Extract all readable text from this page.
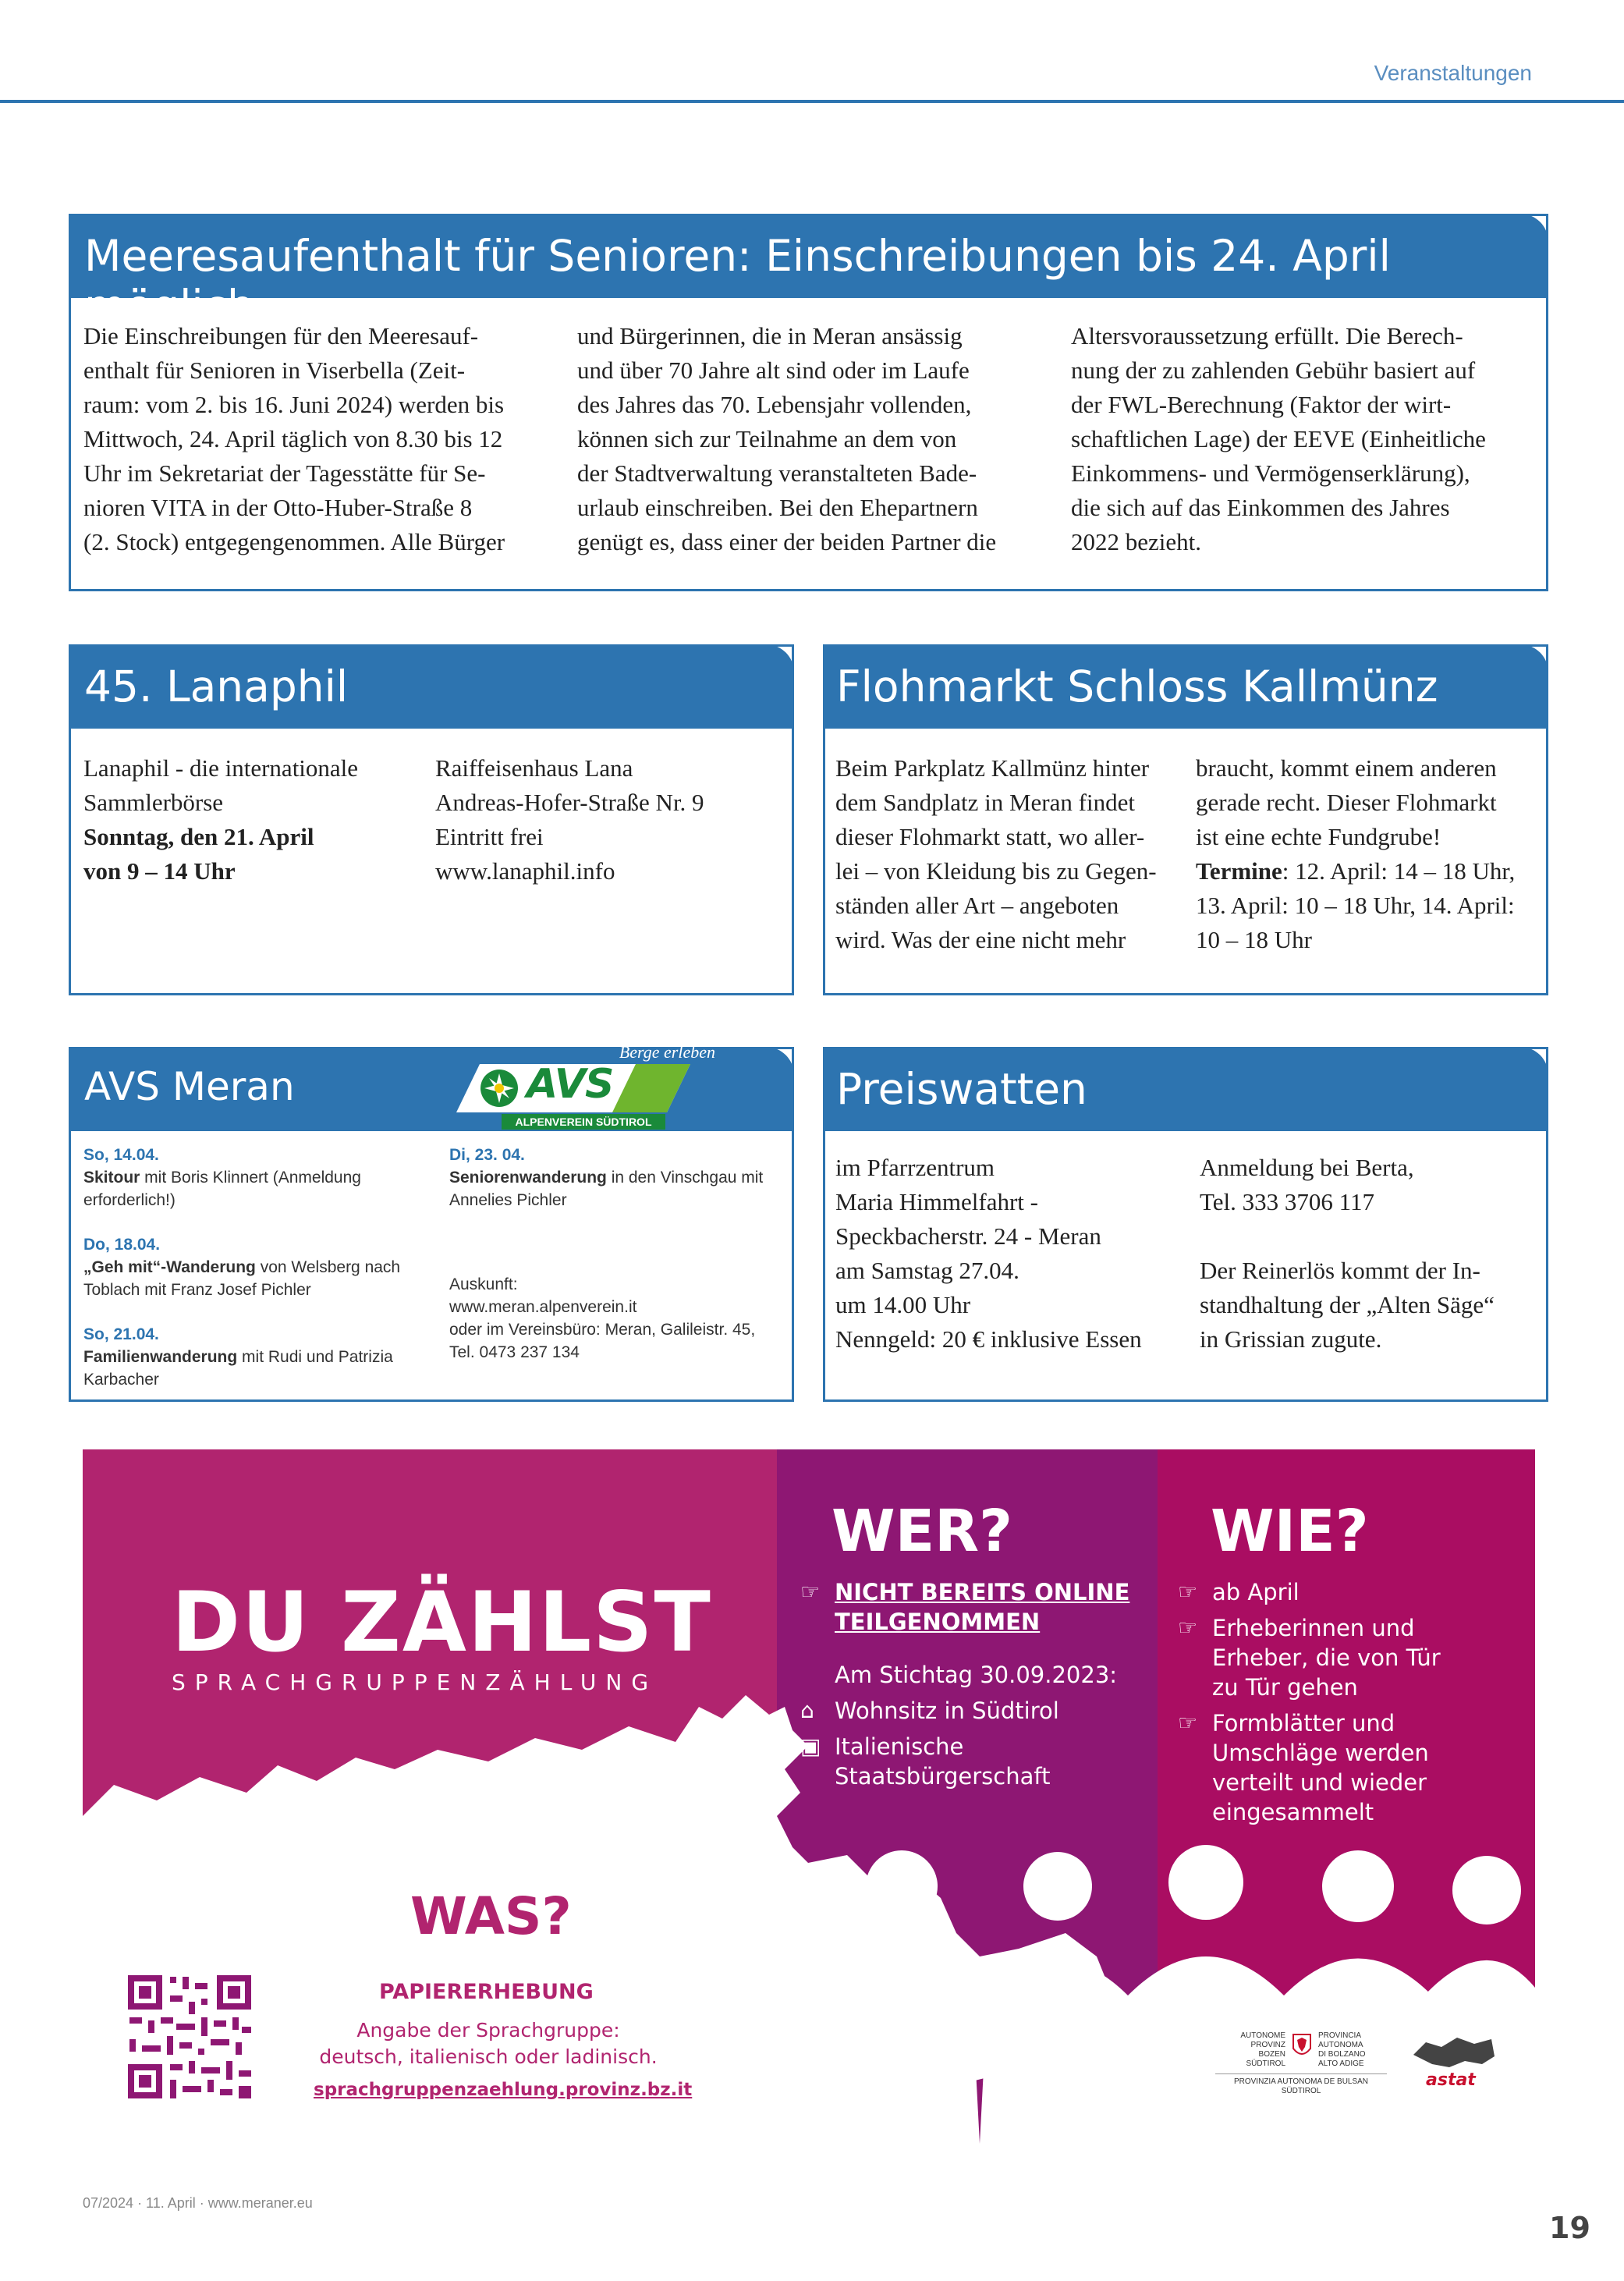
Veranstaltungen
Meeresaufenthalt für Senioren: Einschreibungen bis 24. April möglich

Die Einschreibungen für den Meeresauf-

enthalt für Senioren in Viserbella (Zeit-

raum: vom 2. bis 16. Juni 2024) werden bis

Mittwoch, 24. April täglich von 8.30 bis 12

Uhr im Sekretariat der Tagesstätte für Se-

nioren VITA in der Otto-Huber-Straße 8

(2. Stock) entgegengenommen. Alle Bürger

und Bürgerinnen, die in Meran ansässig

und über 70 Jahre alt sind oder im Laufe

des Jahres das 70. Lebensjahr vollenden,

können sich zur Teilnahme an dem von

der Stadtverwaltung veranstalteten Bade-

urlaub einschreiben. Bei den Ehepartnern

genügt es, dass einer der beiden Partner die

Altersvoraussetzung erfüllt. Die Berech-

nung der zu zahlenden Gebühr basiert auf

der FWL-Berechnung (Faktor der wirt-

schaftlichen Lage) der EEVE (Einheitliche

Einkommens- und Vermögenserklärung),

die sich auf das Einkommen des Jahres

2022 bezieht.

45. Lanaphil

Lanaphil - die internationale

Sammlerbörse

Sonntag, den 21. April

von 9 – 14 Uhr

Raiffeisenhaus Lana

Andreas-Hofer-Straße Nr. 9

Eintritt frei

www.lanaphil.info

Flohmarkt Schloss Kallmünz

Beim Parkplatz Kallmünz hinter

dem Sandplatz in Meran findet

dieser Flohmarkt statt, wo aller-

lei – von Kleidung bis zu Gegen-

ständen aller Art – angeboten

wird. Was der eine nicht mehr

braucht, kommt einem anderen

gerade recht. Dieser Flohmarkt

ist eine echte Fundgrube!

Termine: 12. April: 14 – 18 Uhr,

13. April: 10 – 18 Uhr, 14. April:

10 – 18 Uhr

AVS Meran
Berge erleben
AVS
ALPENVEREIN SÜDTIROL

So, 14.04.
Skitour mit Boris Klinnert (Anmeldung
erforderlich!)

Do, 18.04.
„Geh mit“-Wanderung von Welsberg nach
Toblach mit Franz Josef Pichler

So, 21.04.
Familienwanderung mit Rudi und Patrizia
Karbacher

Di, 23. 04.
Seniorenwanderung in den Vinschgau mit
Annelies Pichler

Auskunft:
www.meran.alpenverein.it
oder im Vereinsbüro: Meran, Galileistr. 45,
Tel. 0473 237 134
Preiswatten

im Pfarrzentrum

Maria Himmelfahrt -

Speckbacherstr. 24 - Meran

am Samstag 27.04.

um 14.00 Uhr

Nenngeld: 20 € inklusive Essen

Anmeldung bei Berta,

Tel. 333 3706 117

Der Reinerlös kommt der In-

standhaltung der „Alten Säge“

in Grissian zugute.

DU ZÄHLST
SPRACHGRUPPENZÄHLUNG
WAS?
PAPIERERHEBUNG
Angabe der Sprachgruppe:
deutsch, italienisch oder ladinisch.
sprachgruppenzaehlung.provinz.bz.it
WER?
☞ NICHT BEREITS ONLINE
TEILGENOMMEN
Am Stichtag 30.09.2023:
⌂ Wohnsitz in Südtirol
▣ Italienische
Staatsbürgerschaft
WIE?
☞ ab April
☞ Erheberinnen und
Erheber, die von Tür
zu Tür gehen
☞ Formblätter und
Umschläge werden
verteilt und wieder
eingesammelt
AUTONOME
PROVINZ
BOZEN
SÜDTIROL
PROVINCIA
AUTONOMA
DI BOLZANO
ALTO ADIGE
PROVINZIA AUTONOMA DE BULSAN
SÜDTIROL
astat
07/2024 · 11. April · www.meraner.eu
19
